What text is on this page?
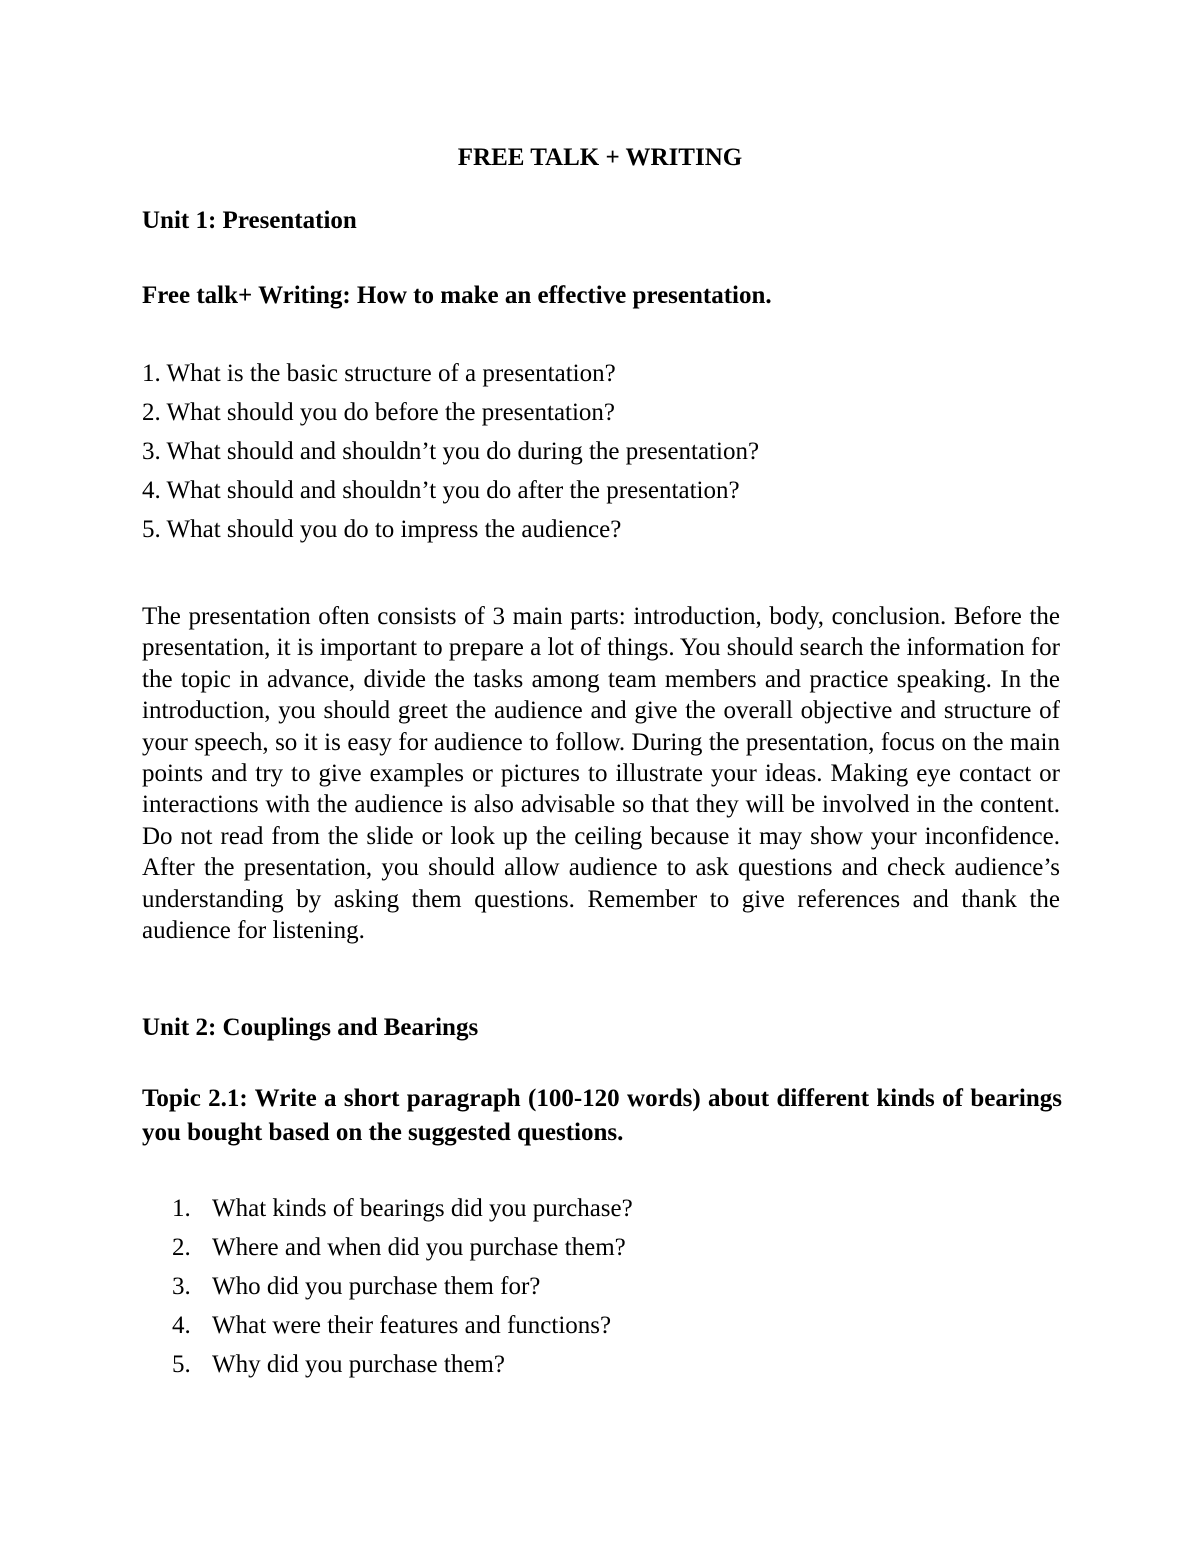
FREE TALK + WRITING
Unit 1: Presentation
Free talk+ Writing: How to make an effective presentation.
1. What is the basic structure of a presentation?
2. What should you do before the presentation?
3. What should and shouldn’t you do during the presentation?
4. What should and shouldn’t you do after the presentation?
5. What should you do to impress the audience?

The presentation often consists of 3 main parts: introduction, body, conclusion. Before the presentation, it is important to prepare a lot of things. You should search the information for the topic in advance, divide the tasks among team members and practice speaking. In the introduction, you should greet the audience and give the overall objective and structure of your speech, so it is easy for audience to follow. During the presentation, focus on the main points and try to give examples or pictures to illustrate your ideas. Making eye contact or interactions with the audience is also advisable so that they will be involved in the content. Do not read from the slide or look up the ceiling because it may show your inconfidence. After the presentation, you should allow audience to ask questions and check audience’s understanding by asking them questions. Remember to give references and thank the audience for listening.

Unit 2: Couplings and Bearings
Topic 2.1: Write a short paragraph (100-120 words) about different kinds of bearings you bought based on the suggested questions.
1. What kinds of bearings did you purchase?
2. Where and when did you purchase them?
3. Who did you purchase them for?
4. What were their features and functions?
5. Why did you purchase them?
